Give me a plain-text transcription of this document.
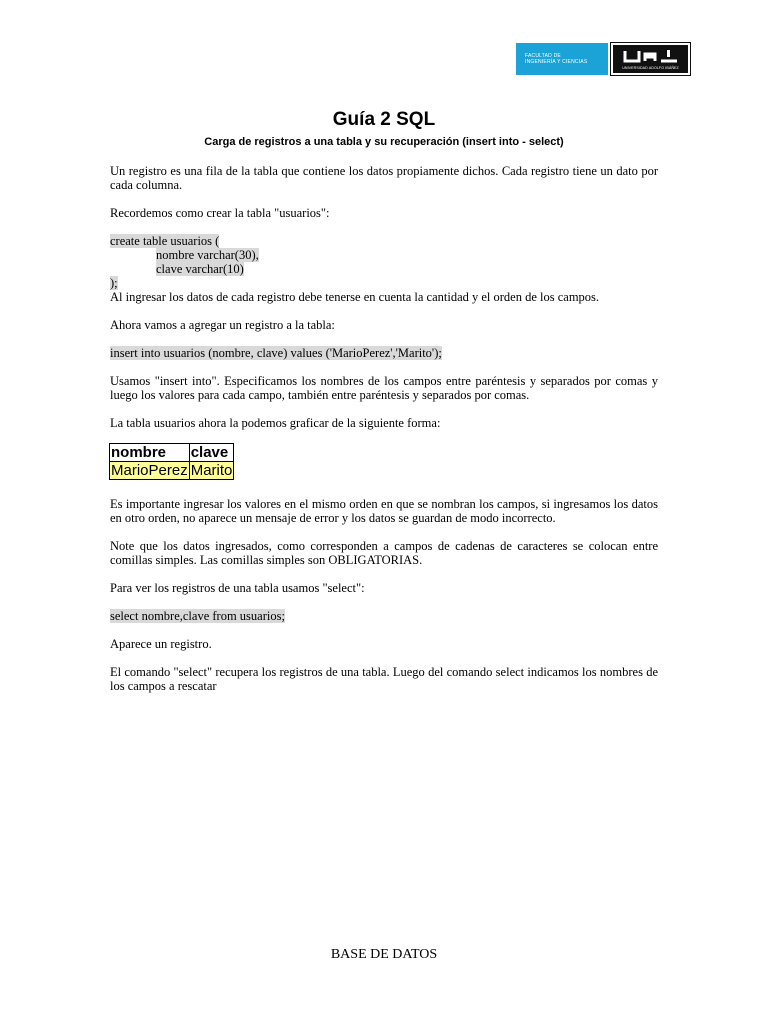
FACULTAD DE
INGENIERÍA Y CIENCIAS
UNIVERSIDAD ADOLFO IBÁÑEZ
Guía 2 SQL
Carga de registros a una tabla y su recuperación (insert into - select)
Un registro es una fila de la tabla que contiene los datos propiamente dichos. Cada registro tiene un dato por cada columna.
Recordemos como crear la tabla "usuarios":
create table usuarios (
nombre varchar(30),
clave varchar(10)
);
Al ingresar los datos de cada registro debe tenerse en cuenta la cantidad y el orden de los campos.
Ahora vamos a agregar un registro a la tabla:
insert into usuarios (nombre, clave) values ('MarioPerez','Marito');
Usamos "insert into". Especificamos los nombres de los campos entre paréntesis y separados por comas y luego los valores para cada campo, también entre paréntesis y separados por comas.
La tabla usuarios ahora la podemos graficar de la siguiente forma:
nombre	clave
MarioPerez	Marito
Es importante ingresar los valores en el mismo orden en que se nombran los campos, si ingresamos los datos en otro orden, no aparece un mensaje de error y los datos se guardan de modo incorrecto.
Note que los datos ingresados, como corresponden a campos de cadenas de caracteres se colocan entre comillas simples. Las comillas simples son OBLIGATORIAS.
Para ver los registros de una tabla usamos "select":
select nombre,clave from usuarios;
Aparece un registro.
El comando "select" recupera los registros de una tabla. Luego del comando select indicamos los nombres de los campos a rescatar
BASE DE DATOS
